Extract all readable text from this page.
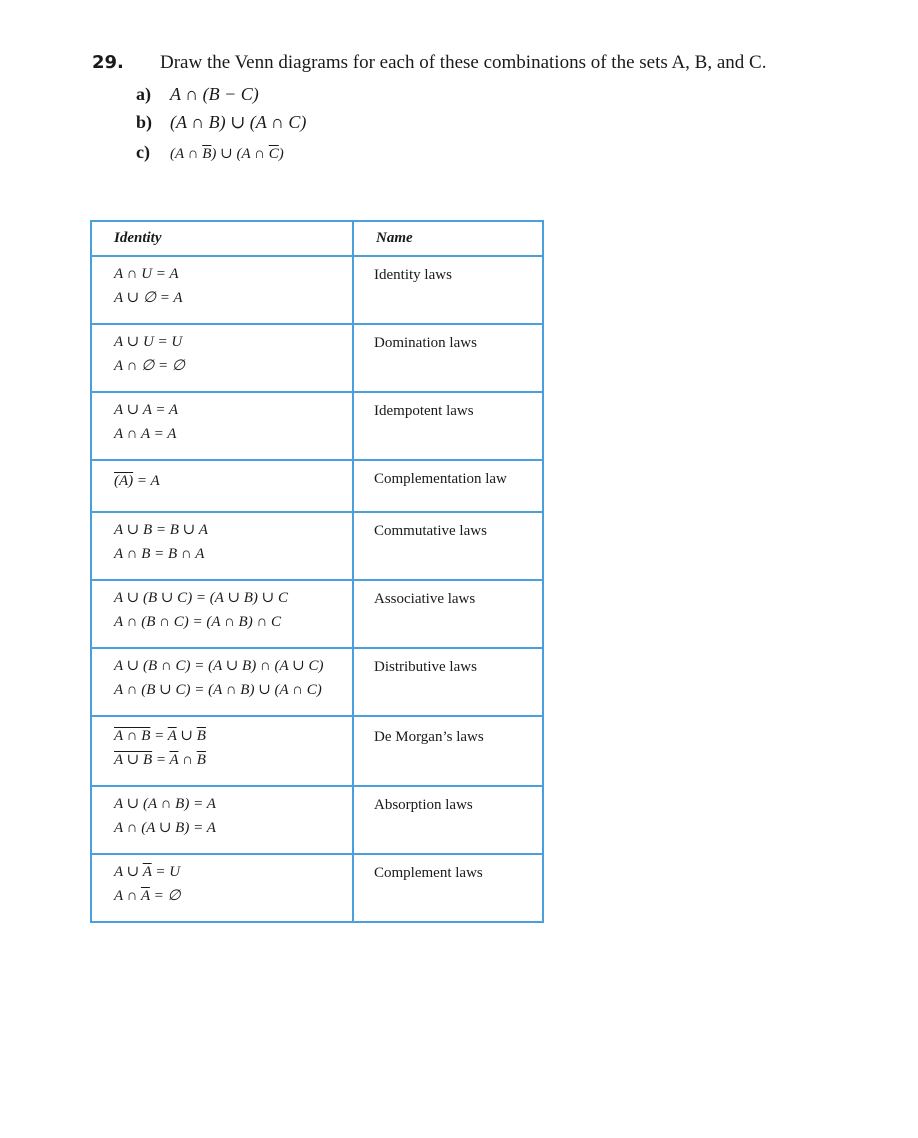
29. Draw the Venn diagrams for each of these combinations of the sets A, B, and C.
a) A ∩ (B − C)
b) (A ∩ B) ∪ (A ∩ C)
c) (A ∩ $\overline{B}$) ∪ (A ∩ $\overline{C}$)
Identity	Name

A ∩ U = A
A ∪ ∅ = A	Identity laws

A ∪ U = U
A ∩ ∅ = ∅	Domination laws

A ∪ A = A
A ∩ A = A	Idempotent laws

(A) = A	Complementation law

A ∪ B = B ∪ A
A ∩ B = B ∩ A	Commutative laws

A ∪ (B ∪ C) = (A ∪ B) ∪ C
A ∩ (B ∩ C) = (A ∩ B) ∩ C	Associative laws

A ∪ (B ∩ C) = (A ∪ B) ∩ (A ∪ C)
A ∩ (B ∪ C) = (A ∩ B) ∪ (A ∩ C)	Distributive laws

A ∩ $B = \overline{A}$ ∪ $\overline{B}$
A ∪ $B = \overline{A}$ ∩ $\overline{B}$	De Morgan’s laws

A ∪ (A ∩ B) = A
A ∩ (A ∪ B) = A	Absorption laws

A ∪ $\overline{A} = U$
A ∩ $\overline{A}$ = ∅	Complement laws
